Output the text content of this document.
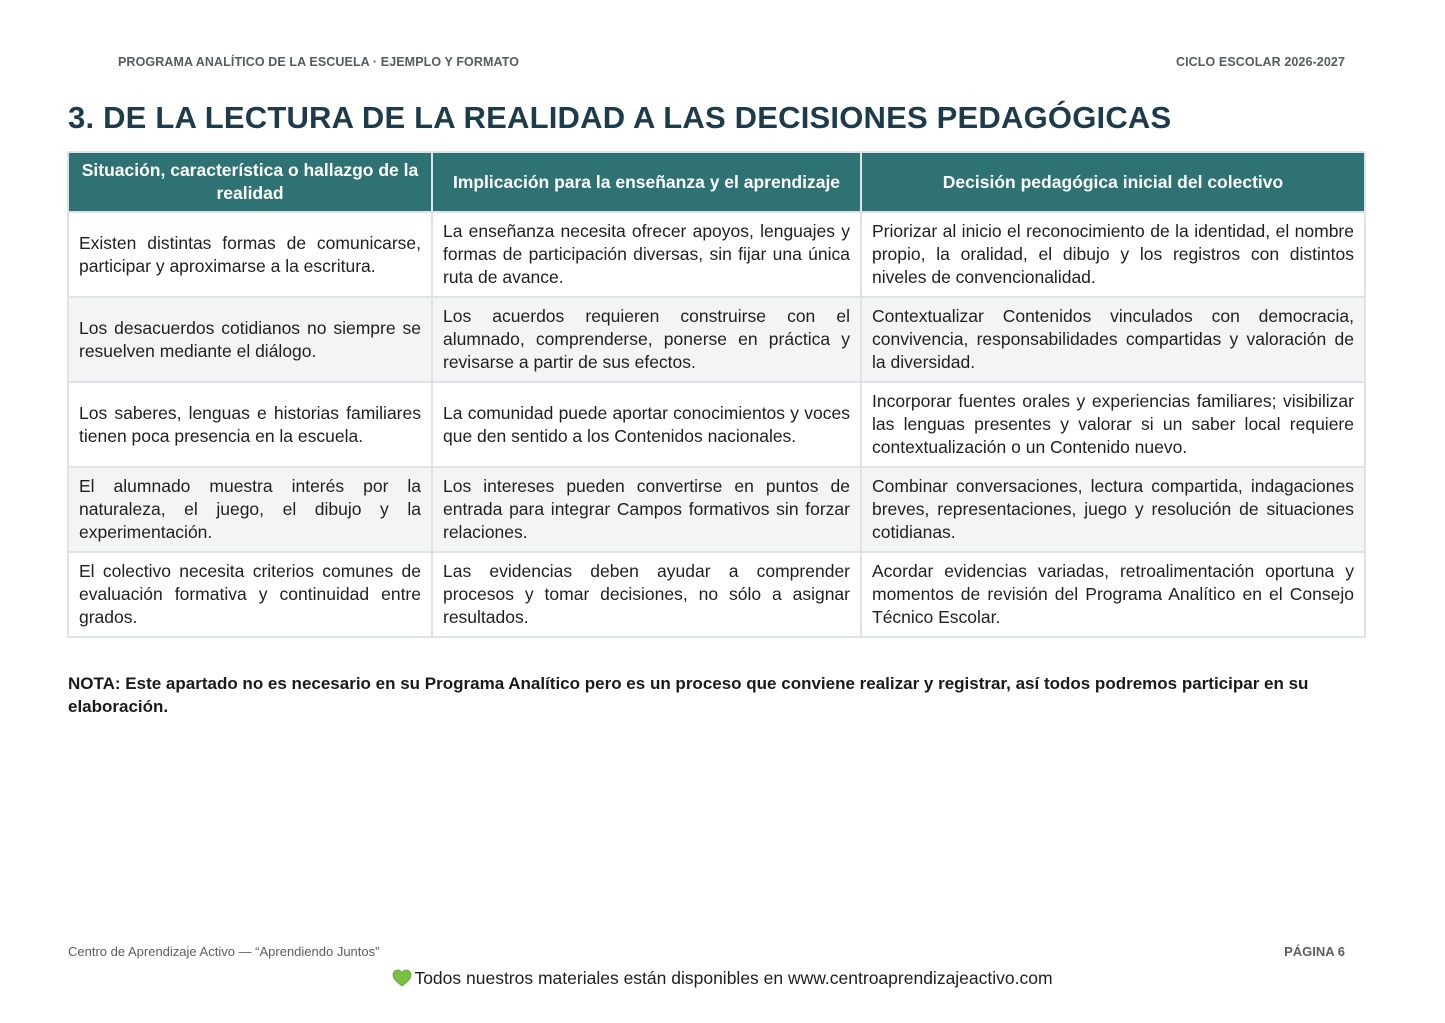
PROGRAMA ANALÍTICO DE LA ESCUELA · EJEMPLO Y FORMATO	CICLO ESCOLAR 2026-2027
3. DE LA LECTURA DE LA REALIDAD A LAS DECISIONES PEDAGÓGICAS
Situación, característica o hallazgo de la realidad	Implicación para la enseñanza y el aprendizaje	Decisión pedagógica inicial del colectivo
Existen distintas formas de comunicarse, participar y aproximarse a la escritura.	La enseñanza necesita ofrecer apoyos, lenguajes y formas de participación diversas, sin fijar una única ruta de avance.	Priorizar al inicio el reconocimiento de la identidad, el nombre propio, la oralidad, el dibujo y los registros con distintos niveles de convencionalidad.
Los desacuerdos cotidianos no siempre se resuelven mediante el diálogo.	Los acuerdos requieren construirse con el alumnado, comprenderse, ponerse en práctica y revisarse a partir de sus efectos.	Contextualizar Contenidos vinculados con democracia, convivencia, responsabilidades compartidas y valoración de la diversidad.
Los saberes, lenguas e historias familiares tienen poca presencia en la escuela.	La comunidad puede aportar conocimientos y voces que den sentido a los Contenidos nacionales.	Incorporar fuentes orales y experiencias familiares; visibilizar las lenguas presentes y valorar si un saber local requiere contextualización o un Contenido nuevo.
El alumnado muestra interés por la naturaleza, el juego, el dibujo y la experimentación.	Los intereses pueden convertirse en puntos de entrada para integrar Campos formativos sin forzar relaciones.	Combinar conversaciones, lectura compartida, indagaciones breves, representaciones, juego y resolución de situaciones cotidianas.
El colectivo necesita criterios comunes de evaluación formativa y continuidad entre grados.	Las evidencias deben ayudar a comprender procesos y tomar decisiones, no sólo a asignar resultados.	Acordar evidencias variadas, retroalimentación oportuna y momentos de revisión del Programa Analítico en el Consejo Técnico Escolar.

NOTA: Este apartado no es necesario en su Programa Analítico pero es un proceso que conviene realizar y registrar, así todos podremos participar en su elaboración.

Centro de Aprendizaje Activo — “Aprendiendo Juntos”	PÁGINA 6
Todos nuestros materiales están disponibles en www.centroaprendizajeactivo.com
